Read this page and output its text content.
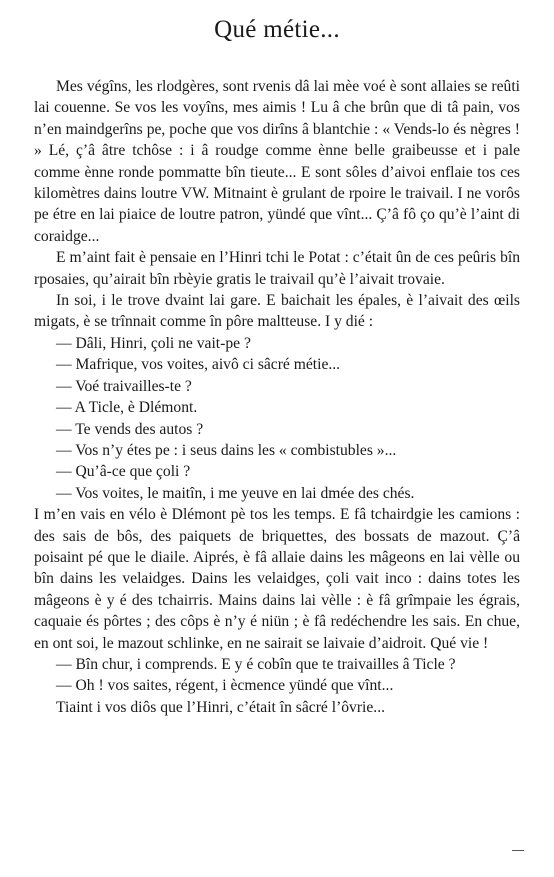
Qué métie...

Mes végîns, les rlodgères, sont rvenis dâ lai mèe voé è sont allaies se reûti lai couenne. Se vos les voyîns, mes aimis ! Lu â che brûn que di tâ pain, vos n’en maindgerîns pe, poche que vos dirîns â blantchie : « Vends-lo és nègres ! » Lé, ç’â âtre tchôse : i â roudge comme ènne belle graibeusse et i pale comme ènne ronde pommatte bîn tieute... E sont sôles d’aivoi enflaie tos ces kilomètres dains loutre VW. Mitnaint è grulant de rpoire le traivail. I ne vorôs pe étre en lai piaice de loutre patron, yündé que vînt... Ç’â fô ço qu’è l’aint di coraidge...

E m’aint fait è pensaie en l’Hinri tchi le Potat : c’était ûn de ces peûris bîn rposaies, qu’airait bîn rbèyie gratis le traivail qu’è l’aivait trovaie.

In soi, i le trove dvaint lai gare. E baichait les épales, è l’aivait des œils migats, è se trînnait comme în pôre maltteuse. I y dié :

— Dâli, Hinri, çoli ne vait-pe ?

— Mafrique, vos voites, aivô ci sâcré métie...

— Voé traivailles-te ?

— A Ticle, è Dlémont.

— Te vends des autos ?

— Vos n’y étes pe : i seus dains les « combistubles »...

— Qu’â-ce que çoli ?

— Vos voites, le maitîn, i me yeuve en lai dmée des chés.

I m’en vais en vélo è Dlémont pè tos les temps. E fâ tchairdgie les camions : des sais de bôs, des paiquets de briquettes, des bossats de mazout. Ç’â poisaint pé que le diaile. Aiprés, è fâ allaie dains les mâgeons en lai vèlle ou bîn dains les velaidges. Dains les velaidges, çoli vait inco : dains totes les mâgeons è y é des tchairris. Mains dains lai vèlle : è fâ grîmpaie les égrais, caquaie és pôrtes ; des côps è n’y é niün ; è fâ redéchendre les sais. En chue, en ont soi, le mazout schlinke, en ne sairait se laivaie d’aidroit. Qué vie !

— Bîn chur, i comprends. E y é cobîn que te traivailles â Ticle ?

— Oh ! vos saites, régent, i ècmence yündé que vînt...

Tiaint i vos diôs que l’Hinri, c’était în sâcré l’ôvrie...
